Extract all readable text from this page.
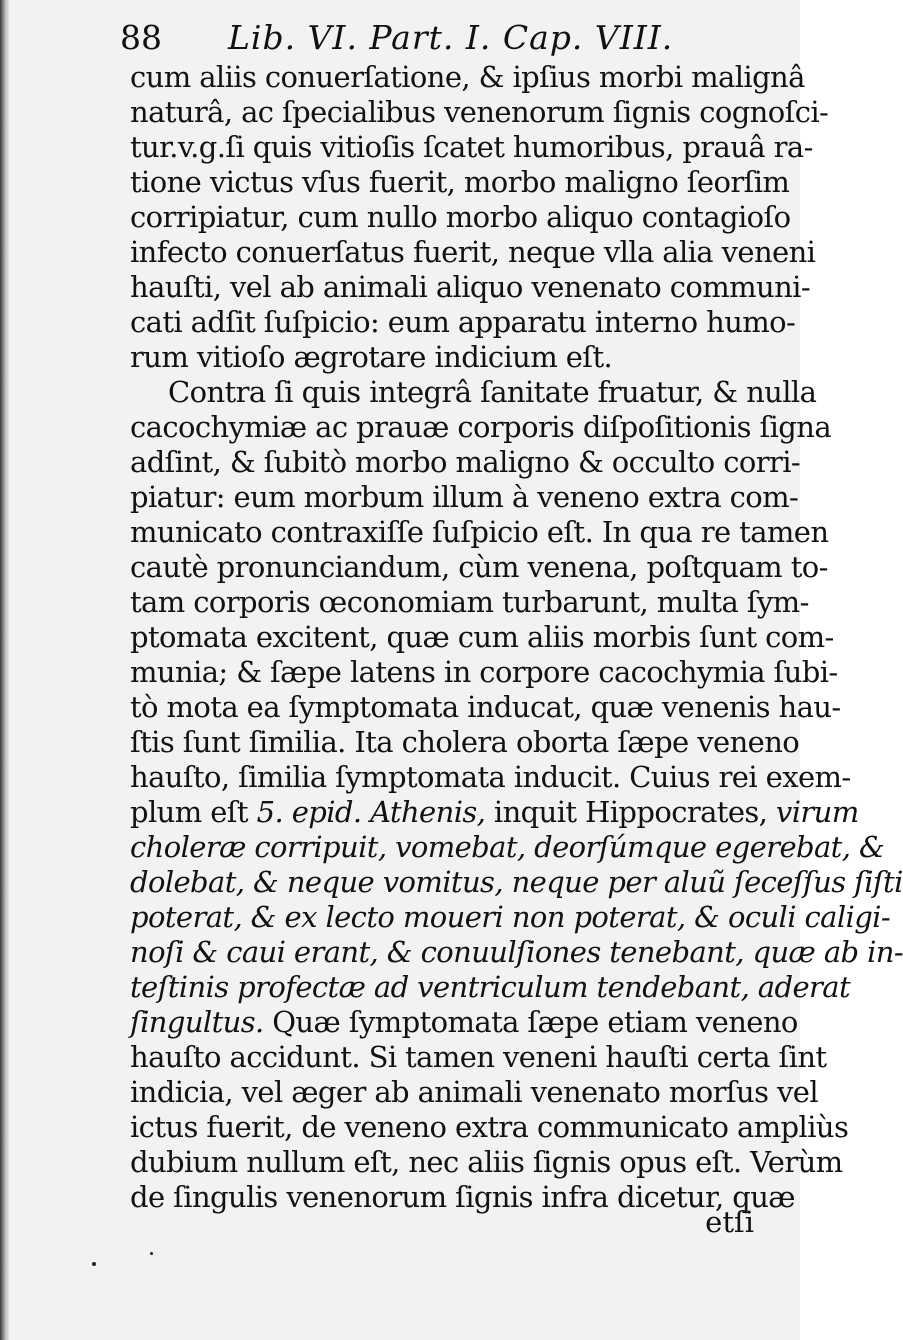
88 Lib. VI. Part. I. Cap. VIII.
cum aliis conuerſatione, & ipſius morbi malignâ
naturâ, ac ſpecialibus venenorum ſignis cognoſci-
tur.v.g.ſi quis vitioſis ſcatet humoribus, prauâ ra-
tione victus vſus fuerit, morbo maligno ſeorſim
corripiatur, cum nullo morbo aliquo contagioſo
infecto conuerſatus fuerit, neque vlla alia veneni
hauſti, vel ab animali aliquo venenato communi-
cati adſit ſuſpicio: eum apparatu interno humo-
rum vitioſo ægrotare indicium eſt.
Contra ſi quis integrâ ſanitate fruatur, & nulla
cacochymiæ ac prauæ corporis diſpoſitionis ſigna
adſint, & ſubitò morbo maligno & occulto corri-
piatur: eum morbum illum à veneno extra com-
municato contraxiſſe ſuſpicio eſt. In qua re tamen
cautè pronunciandum, cùm venena, poſtquam to-
tam corporis œconomiam turbarunt, multa ſym-
ptomata excitent, quæ cum aliis morbis ſunt com-
munia; & ſæpe latens in corpore cacochymia ſubi-
tò mota ea ſymptomata inducat, quæ venenis hau-
ſtis ſunt ſimilia. Ita cholera oborta ſæpe veneno
hauſto, ſimilia ſymptomata inducit. Cuius rei exem-
plum eſt 5. epid. Athenis, inquit Hippocrates, virum
choleræ corripuit, vomebat, deorſúmque egerebat, &
dolebat, & neque vomitus, neque per aluũ ſeceſſus ſiſti
poterat, & ex lecto moueri non poterat, & oculi caligi-
noſi & caui erant, & conuulſiones tenebant, quæ ab in-
teſtinis profectæ ad ventriculum tendebant, aderat
ſingultus. Quæ ſymptomata ſæpe etiam veneno
hauſto accidunt. Si tamen veneni hauſti certa ſint
indicia, vel æger ab animali venenato morſus vel
ictus fuerit, de veneno extra communicato ampliùs
dubium nullum eſt, nec aliis ſignis opus eſt. Verùm
de ſingulis venenorum ſignis infra dicetur, quæ
etſi
